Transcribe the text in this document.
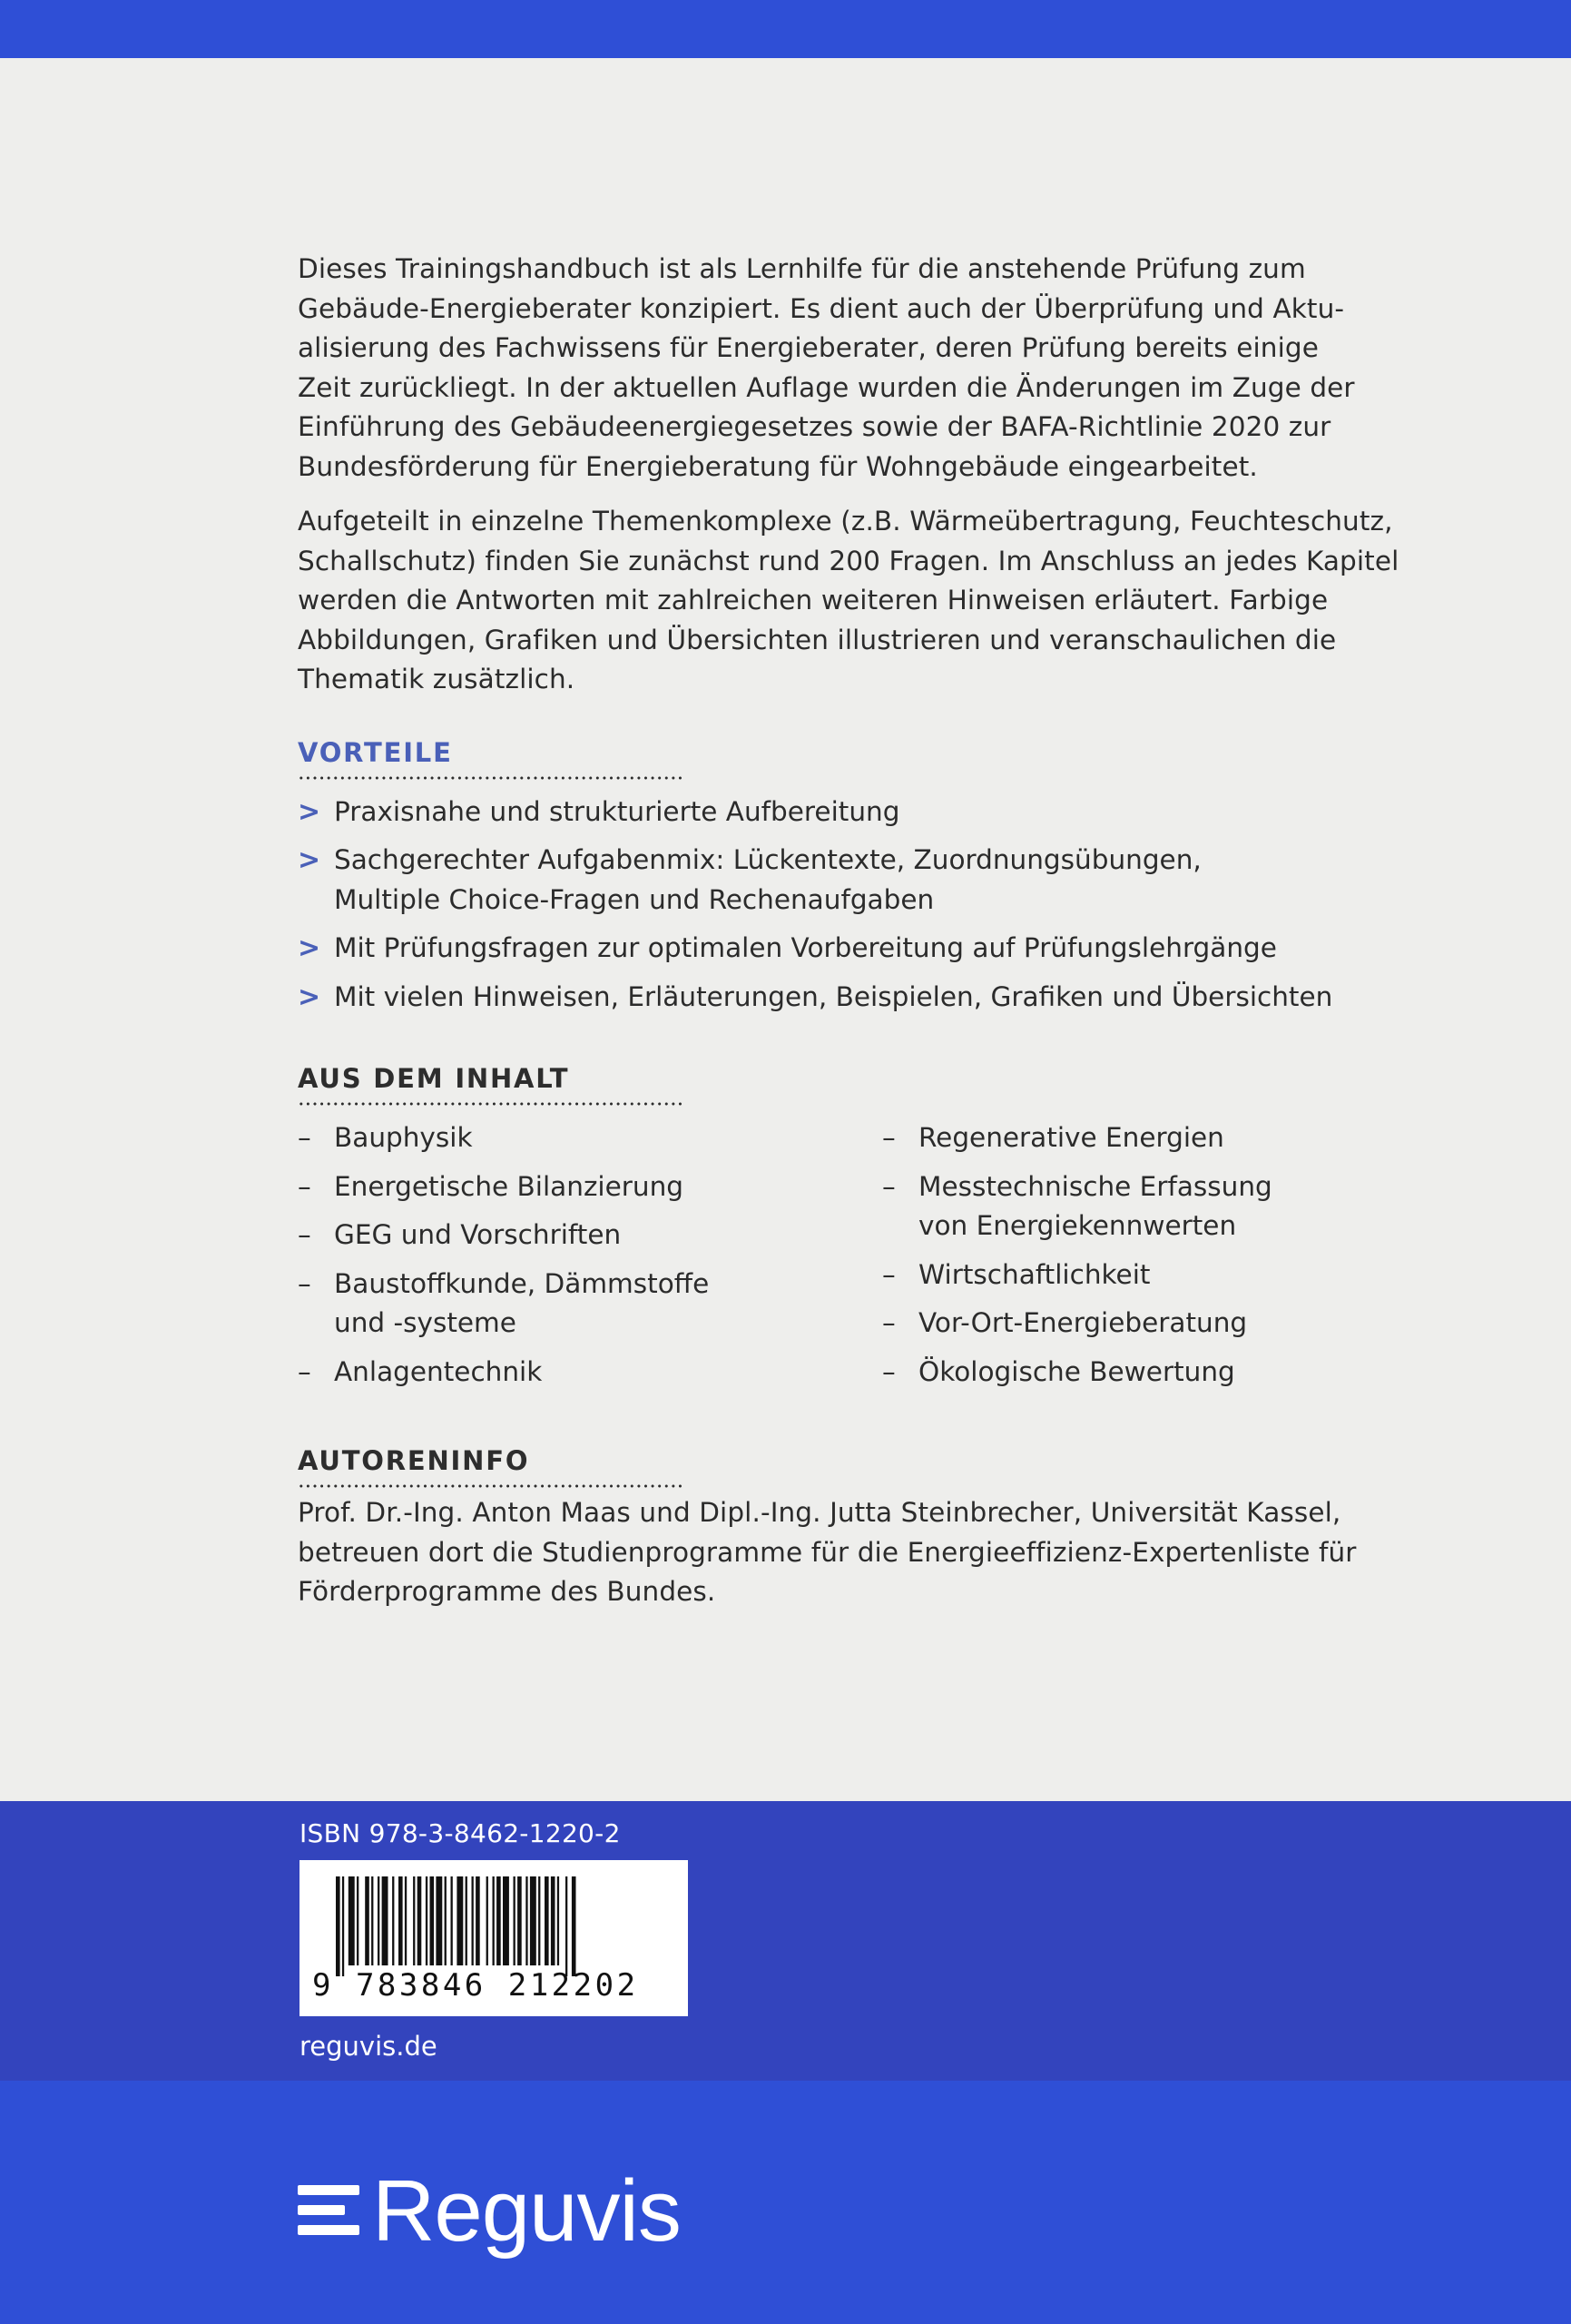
Dieses Trainingshandbuch ist als Lernhilfe für die anstehende Prüfung zum
Gebäude-Energieberater konzipiert. Es dient auch der Überprüfung und Aktu-
alisierung des Fachwissens für Energieberater, deren Prüfung bereits einige
Zeit zurückliegt. In der aktuellen Auflage wurden die Änderungen im Zuge der
Einführung des Gebäudeenergiegesetzes sowie der BAFA-Richtlinie 2020 zur
Bundesförderung für Energieberatung für Wohngebäude eingearbeitet.

Aufgeteilt in einzelne Themenkomplexe (z.B. Wärmeübertragung, Feuchteschutz,
Schallschutz) finden Sie zunächst rund 200 Fragen. Im Anschluss an jedes Kapitel
werden die Antworten mit zahlreichen weiteren Hinweisen erläutert. Farbige
Abbildungen, Grafiken und Übersichten illustrieren und veranschaulichen die
Thematik zusätzlich.

VORTEILE
> Praxisnahe und strukturierte Aufbereitung
> Sachgerechter Aufgabenmix: Lückentexte, Zuordnungsübungen,
Multiple Choice-Fragen und Rechenaufgaben
> Mit Prüfungsfragen zur optimalen Vorbereitung auf Prüfungslehrgänge
> Mit vielen Hinweisen, Erläuterungen, Beispielen, Grafiken und Übersichten
AUS DEM INHALT
– Bauphysik
– Energetische Bilanzierung
– GEG und Vorschriften
– Baustoffkunde, Dämmstoffe
und -systeme
– Anlagentechnik
– Regenerative Energien
– Messtechnische Erfassung
von Energiekennwerten
– Wirtschaftlichkeit
– Vor-Ort-Energieberatung
– Ökologische Bewertung
AUTORENINFO

Prof. Dr.-Ing. Anton Maas und Dipl.-Ing. Jutta Steinbrecher, Universität Kassel,
betreuen dort die Studienprogramme für die Energieeffizienz-Expertenliste für
Förderprogramme des Bundes.

ISBN 978-3-8462-1220-2
9 783846 212202
reguvis.de
Reguvis
